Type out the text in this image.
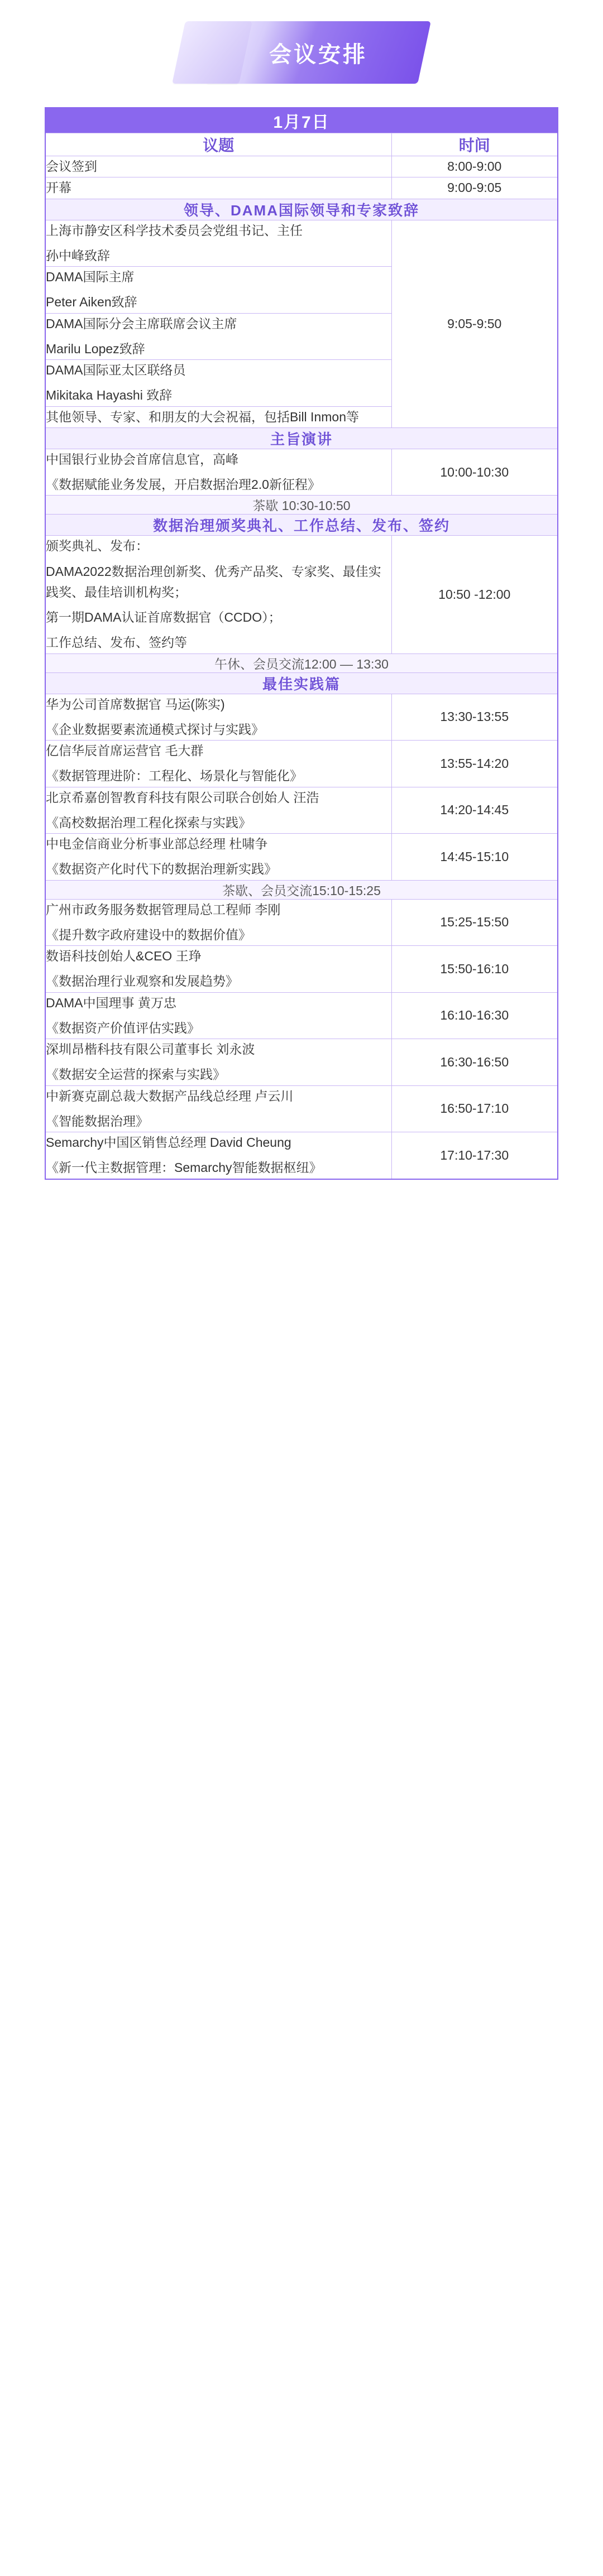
会议安排
1月7日	
议题	时间

会议签到	8:00-9:00

开幕	9:00-9:05
领导、DAMA国际领导和专家致辞	

上海市静安区科学技术委员会党组书记、主任
孙中峰致辞	9:05-9:50

DAMA国际主席
Peter Aiken致辞	

DAMA国际分会主席联席会议主席
Marilu Lopez致辞	

DAMA国际亚太区联络员
Mikitaka Hayashi 致辞	

其他领导、专家、和朋友的大会祝福，包括Bill Inmon等	

主旨演讲	

中国银行业协会首席信息官，高峰
《数据赋能业务发展，开启数据治理2.0新征程》	10:00-10:30
茶歇 10:30-10:50	
数据治理颁奖典礼、工作总结、发布、签约	

颁奖典礼、发布：
DAMA2022数据治理创新奖、优秀产品奖、专家奖、最佳实践奖、最佳培训机构奖；
第一期DAMA认证首席数据官（CCDO）；
工作总结、发布、签约等	10:50 -12:00
午休、会员交流12:00 — 13:30	
最佳实践篇	

华为公司首席数据官 马运(陈实)
《企业数据要素流通模式探讨与实践》	13:30-13:55

亿信华辰首席运营官 毛大群
《数据管理进阶：工程化、场景化与智能化》	13:55-14:20

北京希嘉创智教育科技有限公司联合创始人 汪浩
《高校数据治理工程化探索与实践》	14:20-14:45

中电金信商业分析事业部总经理 杜啸争
《数据资产化时代下的数据治理新实践》	14:45-15:10
茶歇、会员交流15:10-15:25	

广州市政务服务数据管理局总工程师 李刚
《提升数字政府建设中的数据价值》	15:25-15:50

数语科技创始人&CEO 王琤
《数据治理行业观察和发展趋势》	15:50-16:10

DAMA中国理事 黄万忠
《数据资产价值评估实践》	16:10-16:30

深圳昂楷科技有限公司董事长 刘永波
《数据安全运营的探索与实践》	16:30-16:50

中新赛克副总裁大数据产品线总经理 卢云川
《智能数据治理》	16:50-17:10

Semarchy中国区销售总经理 David Cheung
《新一代主数据管理：Semarchy智能数据枢纽》	17:10-17:30
